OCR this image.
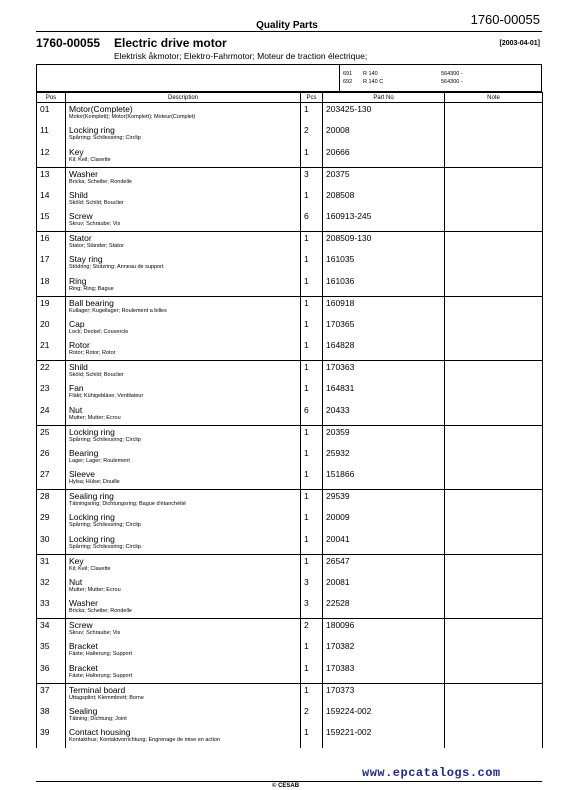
Quality Parts	1760-00055
1760-00055 Electric drive motor	[2003-04-01]
Elektrisk åkmotor; Elektro-Fahrmotor; Moteur de traction électrique;
691 R 140	564300 -
692 R 140 C	564300 -
Pos	Description	Pcs	Part No	Note
01	Motor(Complete)
Motor(Komplett); Motor(Komplett); Moteur(Complet)	1	203425-130	
11	Locking ring
Spårring; Schilessring; Circlip	2	20008	
12	Key
Kil; Keil; Clavette	1	20666	
13	Washer
Bricka; Scheibe; Rondelle	3	20375	
14	Shild
Sköld; Schild; Bouclier	1	208508	
15	Screw
Skruv; Schraube; Vis	6	160913-245	
16	Stator
Stator; Ständer; Stator	1	208509-130	
17	Stay ring
Stödring; Stutzring; Anneau de support	1	161035	
18	Ring
Ring; Ring; Bague	1	161036	
19	Ball bearing
Kullager; Kugellager; Roulement a billes	1	160918	
20	Cap
Lock; Deckel; Couvercle	1	170365	
21	Rotor
Rotor; Rotor; Rotor	1	164828	
22	Shild
Sköld; Schild; Bouclier	1	170363	
23	Fan
Fläkt; Kühigebläse; Ventilateur	1	164831	
24	Nut
Mutter; Mutter; Ecrou	6	20433	
25	Locking ring
Spårring; Schilessring; Circlip	1	20359	
26	Bearing
Lager; Lager; Roulement	1	25932	
27	Sleeve
Hylsa; Hülse; Douille	1	151866	
28	Sealing ring
Tätningsring; Dichtungsring; Bague d'étanchéité	1	29539	
29	Locking ring
Spårring; Schilessring; Circlip	1	20009	
30	Locking ring
Spårring; Schilessring; Circlip	1	20041	
31	Key
Kil; Keil; Clavette	1	26547	
32	Nut
Mutter; Mutter; Ecrou	3	20081	
33	Washer
Bricka; Scheibe; Rondelle	3	22528	
34	Screw
Skruv; Schraube; Vis	2	180096	
35	Bracket
Fäste; Halterung; Support	1	170382	
36	Bracket
Fäste; Halterung; Support	1	170383	
37	Terminal board
Uttagsplint; Klemmbrett; Borne	1	170373	
38	Sealing
Tätning; Dichtung; Joint	2	159224-002	
39	Contact housing
Kontakthus; Kontaktvorrichtung; Engrenage de mise en action	1	159221-002	
www.epcatalogs.com
© CESAB
